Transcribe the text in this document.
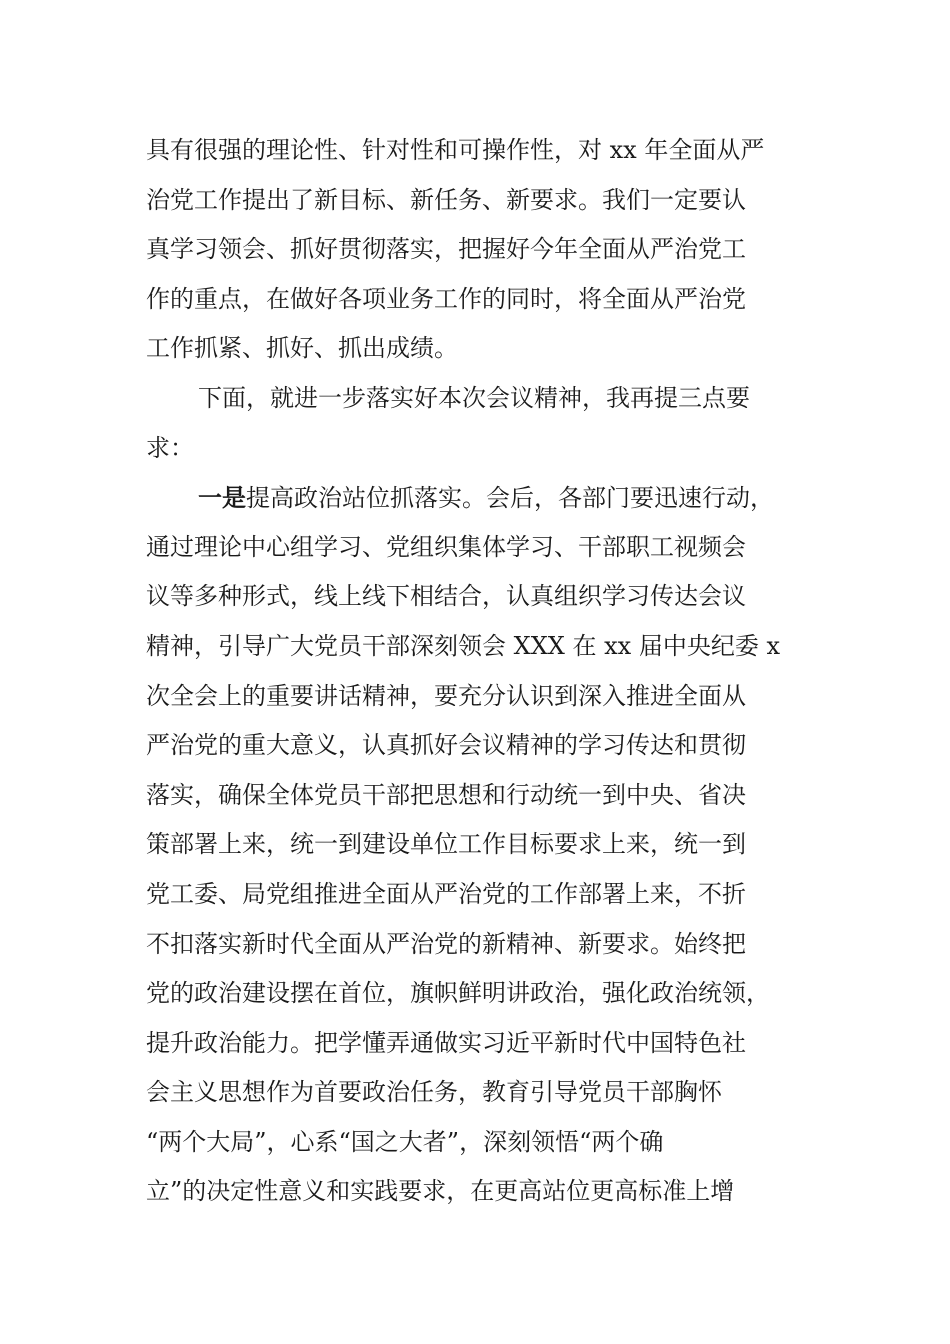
具有很强的理论性、针对性和可操作性，对 xx 年全面从严
治党工作提出了新目标、新任务、新要求。我们一定要认
真学习领会、抓好贯彻落实，把握好今年全面从严治党工
作的重点，在做好各项业务工作的同时，将全面从严治党
工作抓紧、抓好、抓出成绩。
下面，就进一步落实好本次会议精神，我再提三点要
求：
一是提高政治站位抓落实。会后，各部门要迅速行动，
通过理论中心组学习、党组织集体学习、干部职工视频会
议等多种形式，线上线下相结合，认真组织学习传达会议
精神，引导广大党员干部深刻领会 XXX 在 xx 届中央纪委 x
次全会上的重要讲话精神，要充分认识到深入推进全面从
严治党的重大意义，认真抓好会议精神的学习传达和贯彻
落实，确保全体党员干部把思想和行动统一到中央、省决
策部署上来，统一到建设单位工作目标要求上来，统一到
党工委、局党组推进全面从严治党的工作部署上来，不折
不扣落实新时代全面从严治党的新精神、新要求。始终把
党的政治建设摆在首位，旗帜鲜明讲政治，强化政治统领，
提升政治能力。把学懂弄通做实习近平新时代中国特色社
会主义思想作为首要政治任务，教育引导党员干部胸怀
“两个大局”，心系“国之大者”，深刻领悟“两个确
立”的决定性意义和实践要求，在更高站位更高标准上增
